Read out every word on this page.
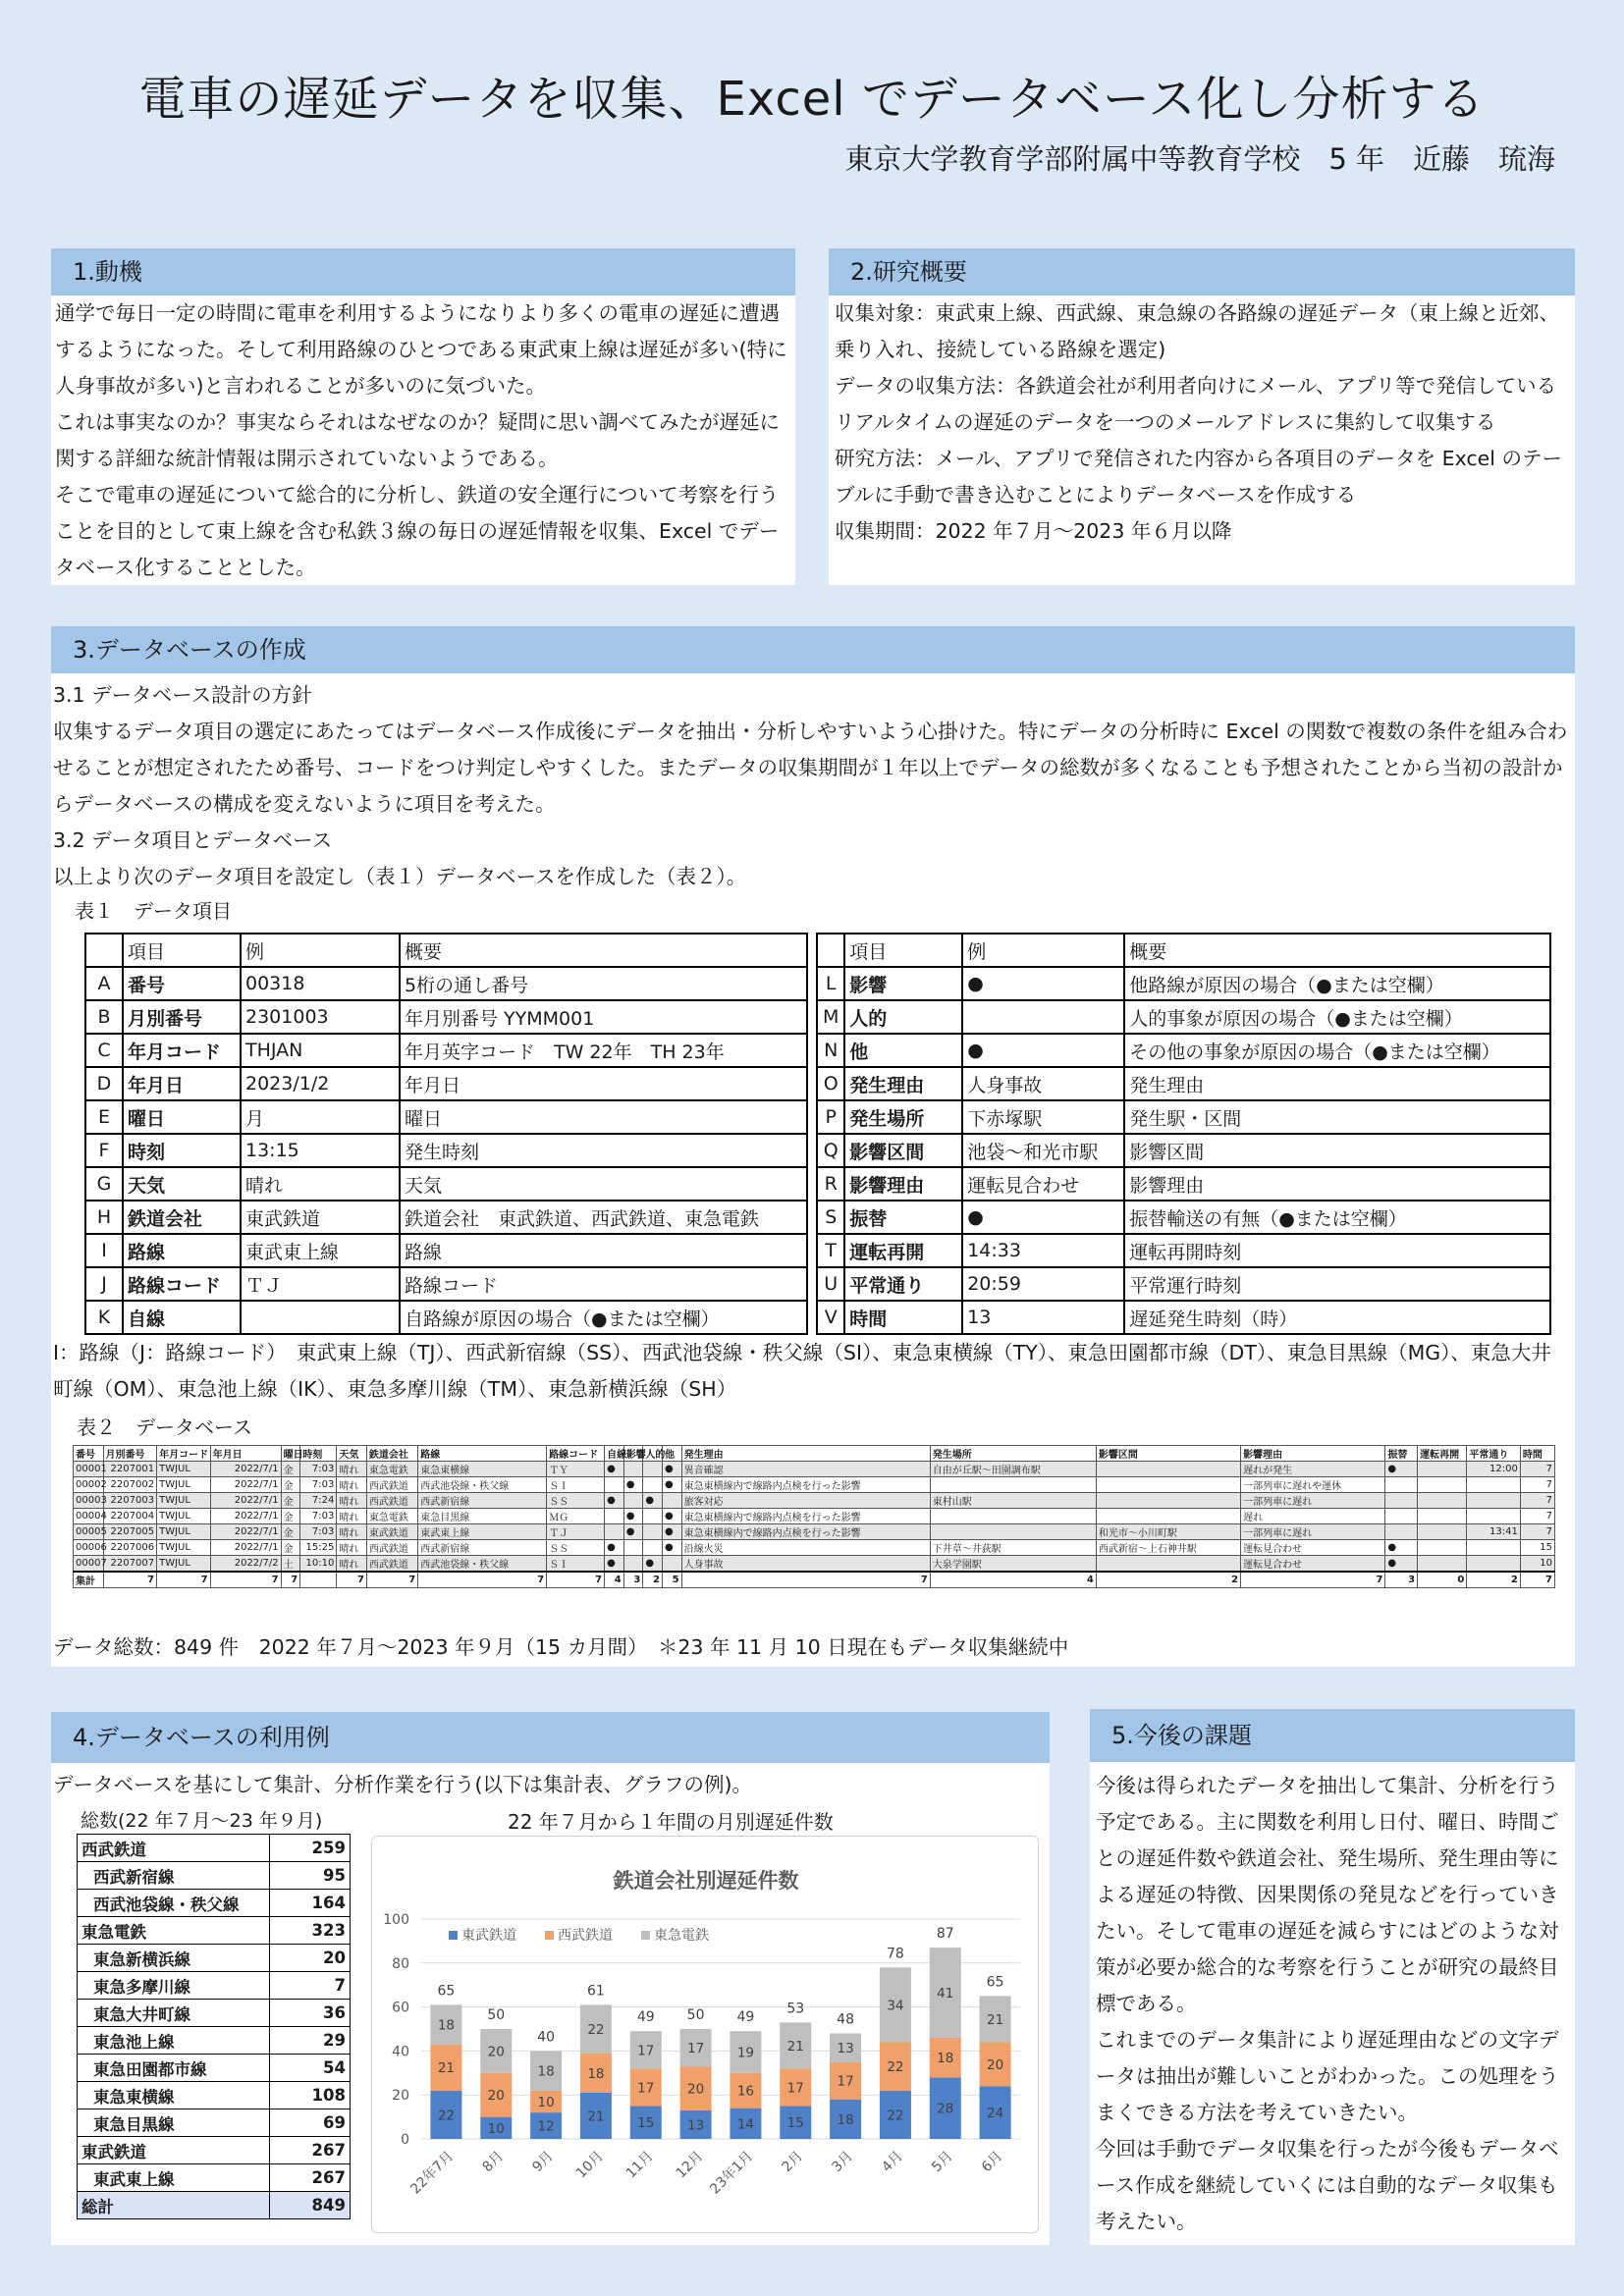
電車の遅延データを収集、Excel でデータベース化し分析する
東京大学教育学部附属中等教育学校　5 年　近藤　琉海
1.動機

通学で毎日一定の時間に電車を利用するようになりより多くの電車の遅延に遭遇するようになった。そして利用路線のひとつである東武東上線は遅延が多い(特に人身事故が多い)と言われることが多いのに気づいた。

これは事実なのか？事実ならそれはなぜなのか？疑問に思い調べてみたが遅延に関する詳細な統計情報は開示されていないようである。

そこで電車の遅延について総合的に分析し、鉄道の安全運行について考察を行うことを目的として東上線を含む私鉄３線の毎日の遅延情報を収集、Excel でデータベース化することとした。

2.研究概要

収集対象：東武東上線、西武線、東急線の各路線の遅延データ（東上線と近郊、乗り入れ、接続している路線を選定)

データの収集方法：各鉄道会社が利用者向けにメール、アプリ等で発信しているリアルタイムの遅延のデータを一つのメールアドレスに集約して収集する

研究方法：メール、アプリで発信された内容から各項目のデータを Excel のテーブルに手動で書き込むことによりデータベースを作成する

収集期間：2022 年７月～2023 年６月以降

3.データベースの作成

3.1 データベース設計の方針

収集するデータ項目の選定にあたってはデータベース作成後にデータを抽出・分析しやすいよう心掛けた。特にデータの分析時に Excel の関数で複数の条件を組み合わせることが想定されたため番号、コードをつけ判定しやすくした。またデータの収集期間が１年以上でデータの総数が多くなることも予想されたことから当初の設計からデータベースの構成を変えないように項目を考えた。

3.2 データ項目とデータベース

以上より次のデータ項目を設定し（表１）データベースを作成した（表２）。

表１　データ項目
	項目	例	概要			項目	例	概要
A	番号	00318	5桁の通し番号		L	影響	●	他路線が原因の場合（●または空欄）
B	月別番号	2301003	年月別番号 YYMM001		M	人的		人的事象が原因の場合（●または空欄）
C	年月コード	THJAN	年月英字コード　TW 22年　TH 23年		N	他	●	その他の事象が原因の場合（●または空欄）
D	年月日	2023/1/2	年月日		O	発生理由	人身事故	発生理由
E	曜日	月	曜日		P	発生場所	下赤塚駅	発生駅・区間
F	時刻	13:15	発生時刻		Q	影響区間	池袋～和光市駅	影響区間
G	天気	晴れ	天気		R	影響理由	運転見合わせ	影響理由
H	鉄道会社	東武鉄道	鉄道会社　東武鉄道、西武鉄道、東急電鉄		S	振替	●	振替輸送の有無（●または空欄）
I	路線	東武東上線	路線		T	運転再開	14:33	運転再開時刻
J	路線コード	ＴＪ	路線コード		U	平常通り	20:59	平常運行時刻
K	自線		自路線が原因の場合（●または空欄）		V	時間	13	遅延発生時刻（時）
I：路線（J：路線コード）　東武東上線（TJ）、西武新宿線（SS）、西武池袋線・秩父線（SI）、東急東横線（TY）、東急田園都市線（DT）、東急目黒線（MG）、東急大井町線（OM）、東急池上線（IK）、東急多摩川線（TM）、東急新横浜線（SH）
表２　データベース
番号	月別番号	年月コード	年月日	曜日	時刻	天気	鉄道会社	路線	路線コード	自線	影響	人的	他	発生理由	発生場所	影響区間	影響理由	振替	運転再開	平常通り	時間
00001	2207001	TWJUL	2022/7/1	金	7:03	晴れ	東急電鉄	東急東横線	ＴＹ	●			●	異音確認	自由が丘駅～田園調布駅		遅れが発生	●		12:00	7
00002	2207002	TWJUL	2022/7/1	金	7:03	晴れ	西武鉄道	西武池袋線・秩父線	ＳＩ		●		●	東急東横線内で線路内点検を行った影響			一部列車に遅れや運休				7
00003	2207003	TWJUL	2022/7/1	金	7:24	晴れ	西武鉄道	西武新宿線	ＳＳ	●		●		旅客対応	東村山駅		一部列車に遅れ				7
00004	2207004	TWJUL	2022/7/1	金	7:03	晴れ	東急電鉄	東急目黒線	ＭＧ		●		●	東急東横線内で線路内点検を行った影響			遅れ				7
00005	2207005	TWJUL	2022/7/1	金	7:03	晴れ	東武鉄道	東武東上線	ＴＪ		●		●	東急東横線内で線路内点検を行った影響		和光市～小川町駅	一部列車に遅れ			13:41	7
00006	2207006	TWJUL	2022/7/1	金	15:25	晴れ	西武鉄道	西武新宿線	ＳＳ	●			●	沿線火災	下井草～井荻駅	西武新宿～上石神井駅	運転見合わせ	●			15
00007	2207007	TWJUL	2022/7/2	土	10:10	晴れ	西武鉄道	西武池袋線・秩父線	ＳＩ	●		●		人身事故	大泉学園駅		運転見合わせ	●			10
集計	7	7	7	7		7	7	7	7	4	3	2	5	7	4	2	7	3	0	2	7
データ総数：849 件　2022 年７月～2023 年９月（15 カ月間）　＊23 年 11 月 10 日現在もデータ収集継続中
4.データベースの利用例
データベースを基にして集計、分析作業を行う(以下は集計表、グラフの例)。
総数(22 年７月～23 年９月)
西武鉄道	259
西武新宿線	95
西武池袋線・秩父線	164
東急電鉄	323
東急新横浜線	20
東急多摩川線	7
東急大井町線	36
東急池上線	29
東急田園都市線	54
東急東横線	108
東急目黒線	69
東武鉄道	267
東武東上線	267
総計	849
22 年７月から１年間の月別遅延件数
鉄道会社別遅延件数
0
20
40
60
80
100
東武鉄道	西武鉄道	東急電鉄
22
21
18
65
22年7月
10
20
20
50
8月
12
10
18
40
9月
21
18
22
61
10月
15
17
17
49
11月
13
20
17
50
12月
14
16
19
49
23年1月
15
17
21
53
2月
18
17
13
48
3月
22
22
34
78
4月
28
18
41
87
5月
24
20
21
65
6月
5.今後の課題

今後は得られたデータを抽出して集計、分析を行う予定である。主に関数を利用し日付、曜日、時間ごとの遅延件数や鉄道会社、発生場所、発生理由等による遅延の特徴、因果関係の発見などを行っていきたい。そして電車の遅延を減らすにはどのような対策が必要か総合的な考察を行うことが研究の最終目標である。

これまでのデータ集計により遅延理由などの文字データは抽出が難しいことがわかった。この処理をうまくできる方法を考えていきたい。

今回は手動でデータ収集を行ったが今後もデータベース作成を継続していくには自動的なデータ収集も考えたい。
